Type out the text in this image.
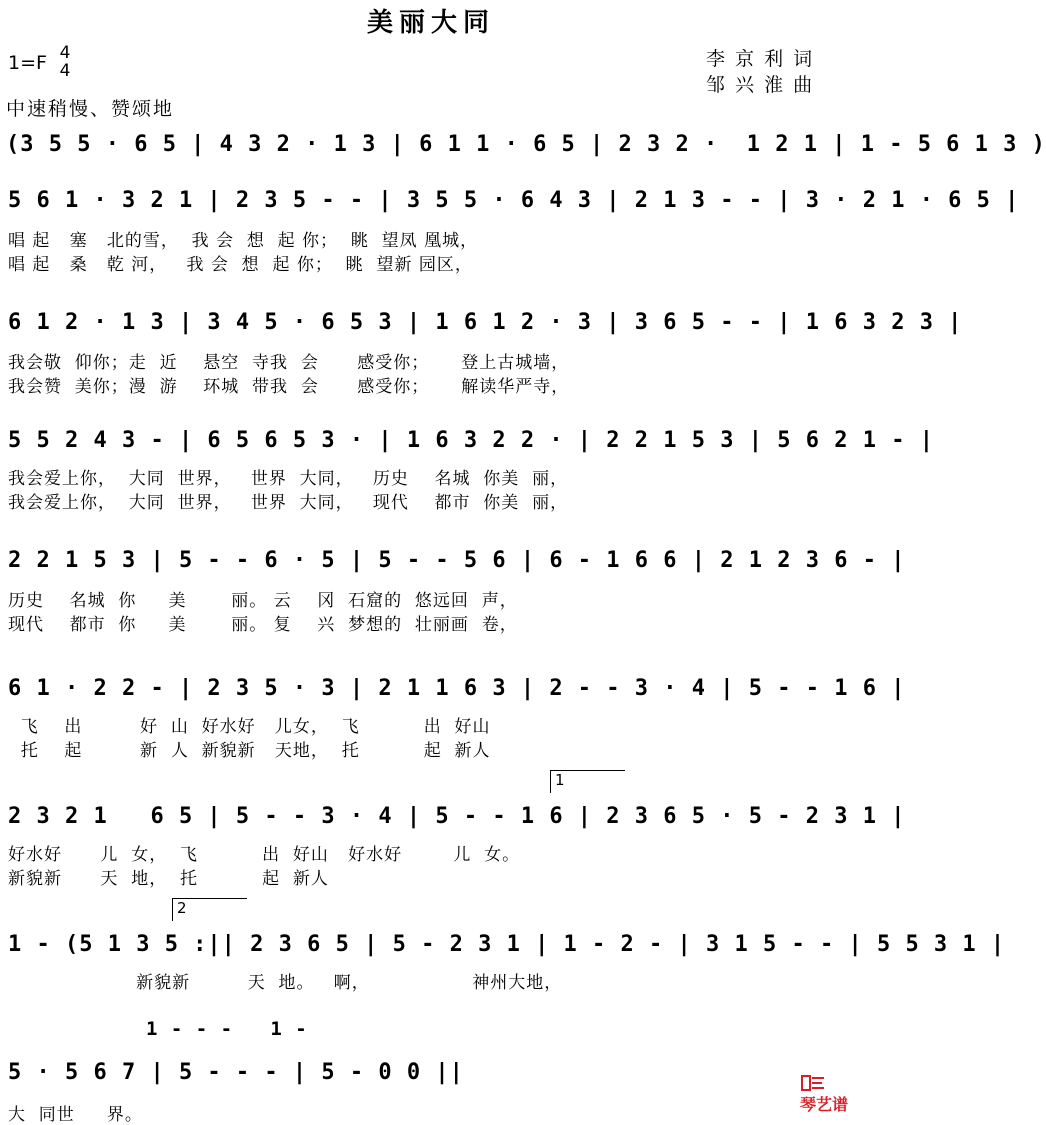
美丽大同
1=F 4
4
李 京 利 词
邹 兴 淮 曲
中速稍慢、赞颂地
(3 5 5 · 6 5 | 4 3 2 · 1 3 | 6 1 1 · 6 5 | 2 3 2 ·  1 2 1 | 1 - 5 6 1 3 )
5 6 1 · 3 2 1 | 2 3 5 - - | 3 5 5 · 6 4 3 | 2 1 3 - - | 3 · 2 1 · 6 5 |
唱 起   塞   北的雪，  我 会  想  起 你；  眺  望凤 凰城，
唱 起   桑   乾 河，   我 会  想  起 你；  眺  望新 园区，
6 1 2 · 1 3 | 3 4 5 · 6 5 3 | 1 6 1 2 · 3 | 3 6 5 - - | 1 6 3 2 3 |
我会敬  仰你；走  近    悬空  寺我  会      感受你；     登上古城墙，
我会赞  美你；漫  游    环城  带我  会      感受你；     解读华严寺，
5 5 2 4 3 - | 6 5 6 5 3 · | 1 6 3 2 2 · | 2 2 1 5 3 | 5 6 2 1 - |
我会爱上你，  大同  世界，   世界  大同，   历史    名城  你美  丽，
我会爱上你，  大同  世界，   世界  大同，   现代    都市  你美  丽，
2 2 1 5 3 | 5 - - 6 · 5 | 5 - - 5 6 | 6 - 1 6 6 | 2 1 2 3 6 - |
历史    名城  你     美       丽。 云    冈  石窟的  悠远回  声，
现代    都市  你     美       丽。 复    兴  梦想的  壮丽画  卷，
6 1 · 2 2 - | 2 3 5 · 3 | 2 1 1 6 3 | 2 - - 3 · 4 | 5 - - 1 6 |
飞    出         好  山  好水好   儿女，  飞          出  好山
托    起         新  人  新貌新   天地，  托          起  新人
1
2 3 2 1   6 5 | 5 - - 3 · 4 | 5 - - 1 6 | 2 3 6 5 · 5 - 2 3 1 |
好水好      儿  女，  飞          出  好山   好水好        儿  女。
新貌新      天  地，  托          起  新人
2
1 - (5 1 3 5 :|| 2 3 6 5 | 5 - 2 3 1 | 1 - 2 - | 3 1 5 - - | 5 5 3 1 |
新貌新         天  地。   啊，                神州大地，
1 - - -   1 -
5 · 5 6 7 | 5 - - - | 5 - 0 0 ||
大  同世     界。

琴艺谱
